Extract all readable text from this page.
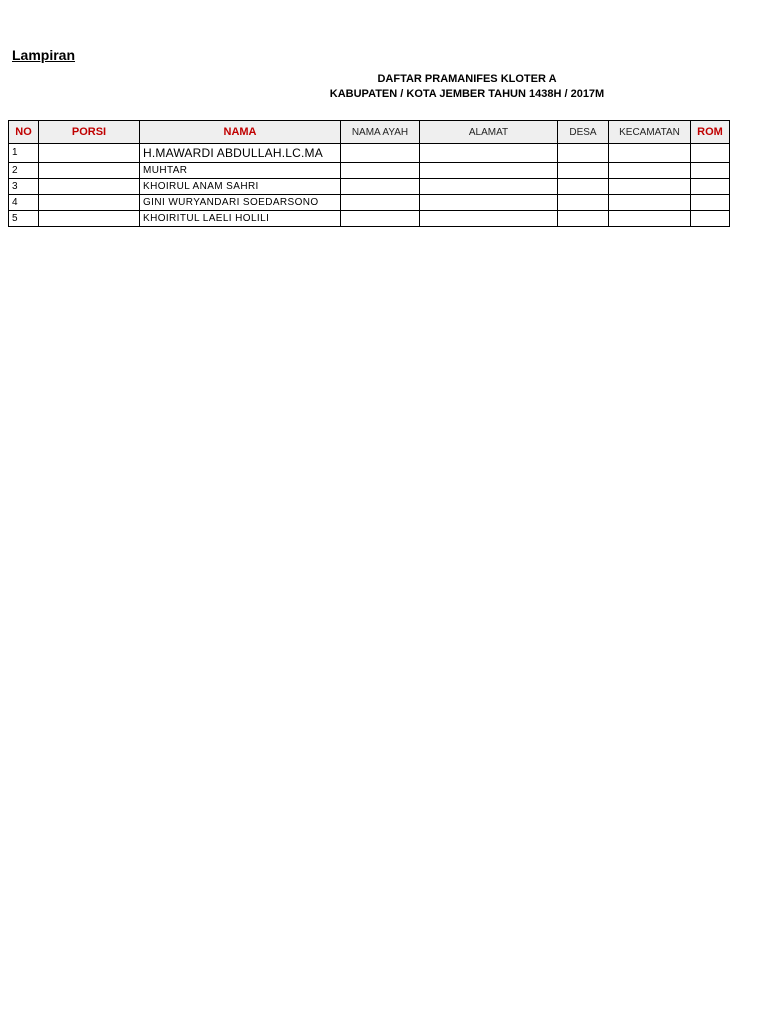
Lampiran
DAFTAR PRAMANIFES KLOTER A
KABUPATEN / KOTA JEMBER TAHUN 1438H / 2017M
NO	PORSI	NAMA	NAMA AYAH	ALAMAT	DESA	KECAMATAN	ROM
1		H.MAWARDI ABDULLAH.LC.MA					
2		MUHTAR					
3		KHOIRUL ANAM SAHRI					
4		GINI WURYANDARI SOEDARSONO					
5		KHOIRITUL LAELI HOLILI					
